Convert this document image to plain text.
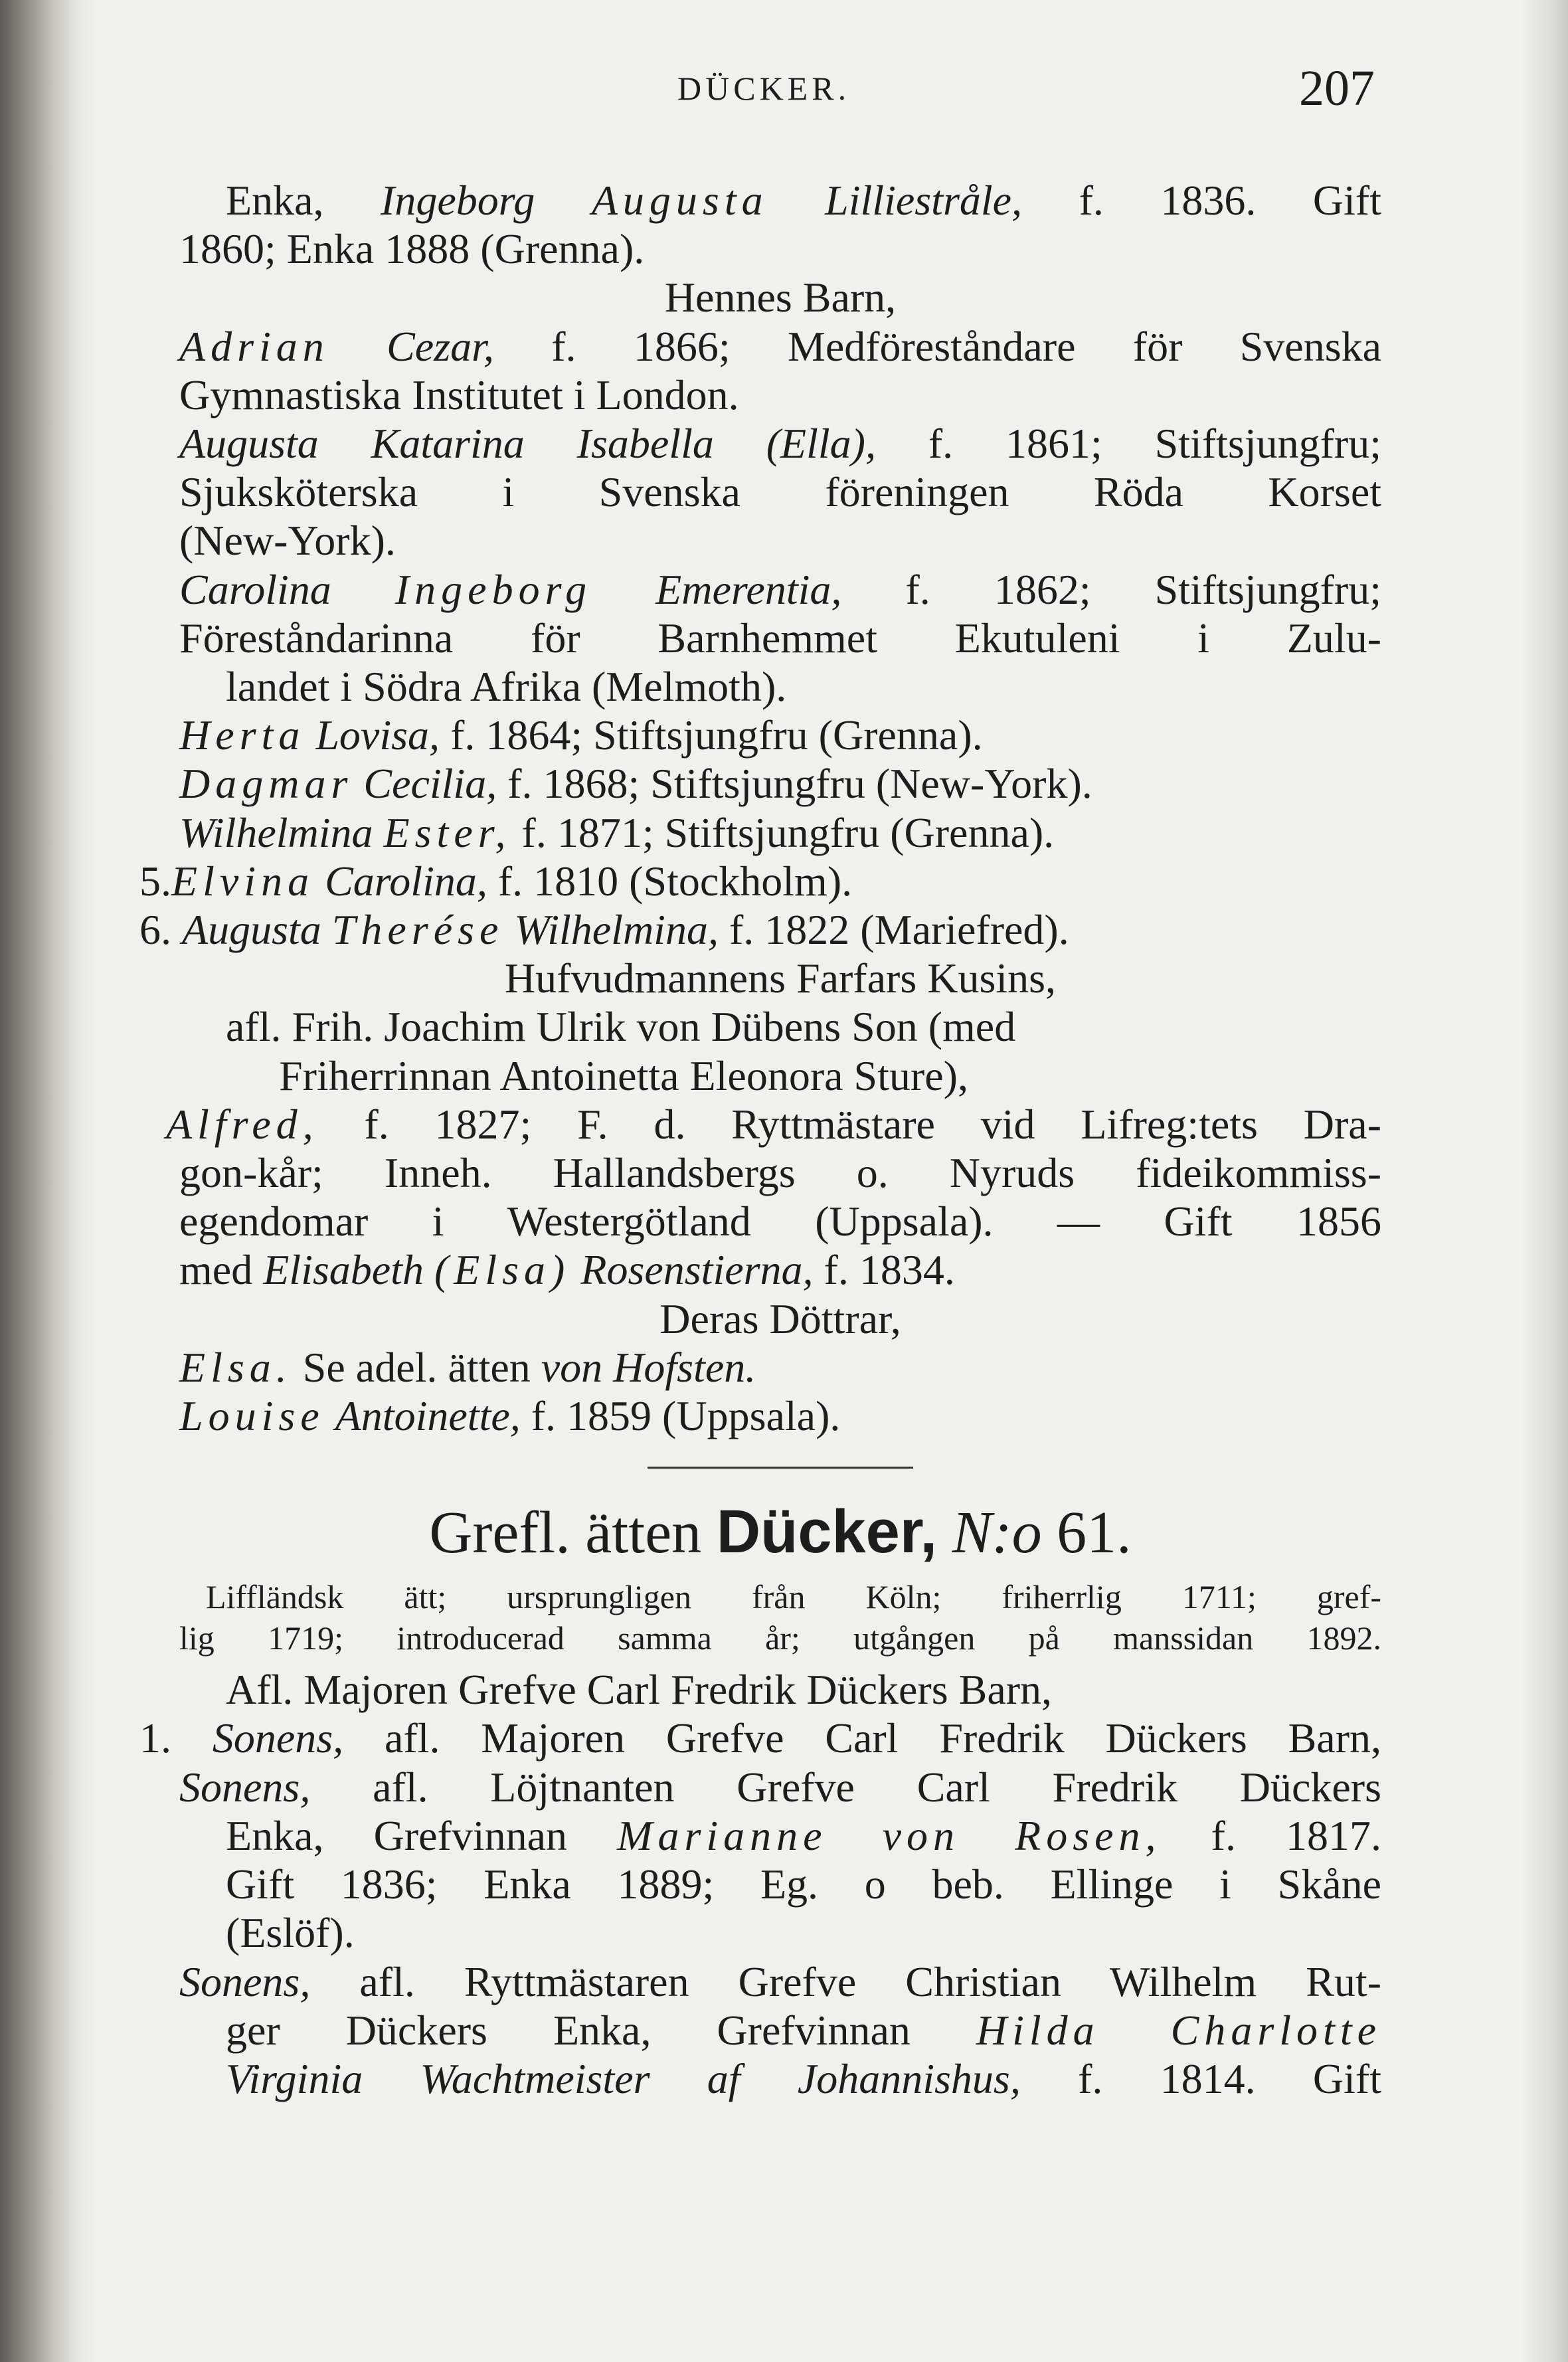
DÜCKER.	207
Enka, Ingeborg Augusta Lilliestråle, f. 1836. Gift
1860; Enka 1888 (Grenna).
Hennes Barn,
Adrian Cezar, f. 1866; Medföreståndare för Svenska
Gymnastiska Institutet i London.
Augusta Katarina Isabella (Ella), f. 1861; Stiftsjungfru;
Sjuksköterska i Svenska föreningen Röda Korset
(New-York).
Carolina Ingeborg Emerentia, f. 1862; Stiftsjungfru;
Föreståndarinna för Barnhemmet Ekutuleni i Zulu-
landet i Södra Afrika (Melmoth).
Herta Lovisa, f. 1864; Stiftsjungfru (Grenna).
Dagmar Cecilia, f. 1868; Stiftsjungfru (New-York).
Wilhelmina Ester, f. 1871; Stiftsjungfru (Grenna).
5.Elvina Carolina, f. 1810 (Stockholm).
6. Augusta Therése Wilhelmina, f. 1822 (Mariefred).
Hufvudmannens Farfars Kusins,
afl. Frih. Joachim Ulrik von Dübens Son (med
Friherrinnan Antoinetta Eleonora Sture),
Alfred, f. 1827; F. d. Ryttmästare vid Lifreg:tets Dra-
gon-kår; Inneh. Hallandsbergs o. Nyruds fideikommiss-
egendomar i Westergötland (Uppsala). — Gift 1856
med Elisabeth (Elsa) Rosenstierna, f. 1834.
Deras Döttrar,
Elsa. Se adel. ätten von Hofsten.
Louise Antoinette, f. 1859 (Uppsala).
Grefl. ätten Dücker, N:o 61.
Liffländsk ätt; ursprungligen från Köln; friherrlig 1711; gref-
lig 1719; introducerad samma år; utgången på manssidan 1892.
Afl. Majoren Grefve Carl Fredrik Dückers Barn,
1. Sonens, afl. Majoren Grefve Carl Fredrik Dückers Barn,
Sonens, afl. Löjtnanten Grefve Carl Fredrik Dückers
Enka, Grefvinnan Marianne von Rosen, f. 1817.
Gift 1836; Enka 1889; Eg. o beb. Ellinge i Skåne
(Eslöf).
Sonens, afl. Ryttmästaren Grefve Christian Wilhelm Rut-
ger Dückers Enka, Grefvinnan Hilda Charlotte
Virginia Wachtmeister af Johannishus, f. 1814. Gift
